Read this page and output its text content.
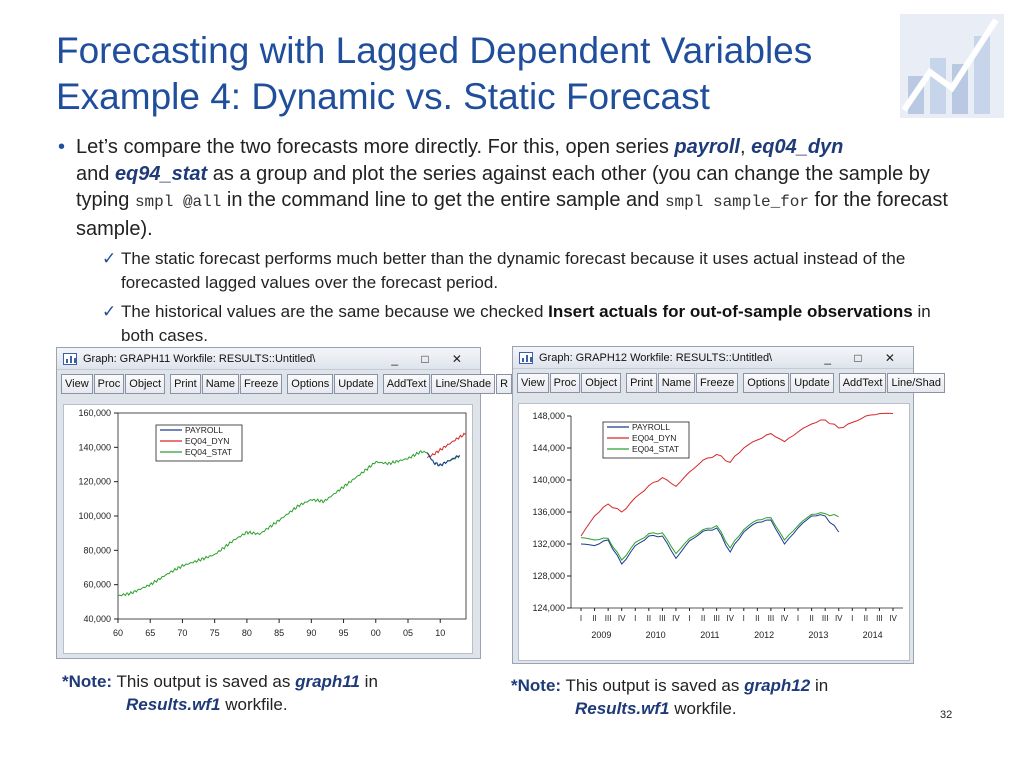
Forecasting with Lagged Dependent Variables
Example 4: Dynamic vs. Static Forecast
• Let’s compare the two forecasts more directly. For this, open series payroll, eq04_dyn
and eq94_stat as a group and plot the series against each other (you can change the sample by typing smpl @all in the command line to get the entire sample and smpl sample_for for the forecast sample).
✓ The static forecast performs much better than the dynamic forecast because it uses actual instead of the forecasted lagged values over the forecast period.
✓ The historical values are the same because we checked Insert actuals for out-of-sample observations in both cases.
Graph: GRAPH11 Workfile: RESULTS::Untitled\	_ □ ✕
View Proc Object	Print Name Freeze	Options Update	AddText Line/Shade R
160,000
140,000
120,000
100,000
80,000
60,000
40,000
60 65 70 75 80 85 90 95 00 05 10
PAYROLL
EQ04_DYN
EQ04_STAT
Graph: GRAPH12 Workfile: RESULTS::Untitled\	_ □ ✕
View Proc Object	Print Name Freeze	Options Update	AddText Line/Shad
148,000
144,000
140,000
136,000
132,000
128,000
124,000
I II III IV I II III IV I II III IV I II III IV I II III IV I II III IV
2009	2010	2011	2012	2013	2014
PAYROLL
EQ04_DYN
EQ04_STAT
*Note: This output is saved as graph11 in
Results.wf1 workfile.
*Note: This output is saved as graph12 in
Results.wf1 workfile.	32
